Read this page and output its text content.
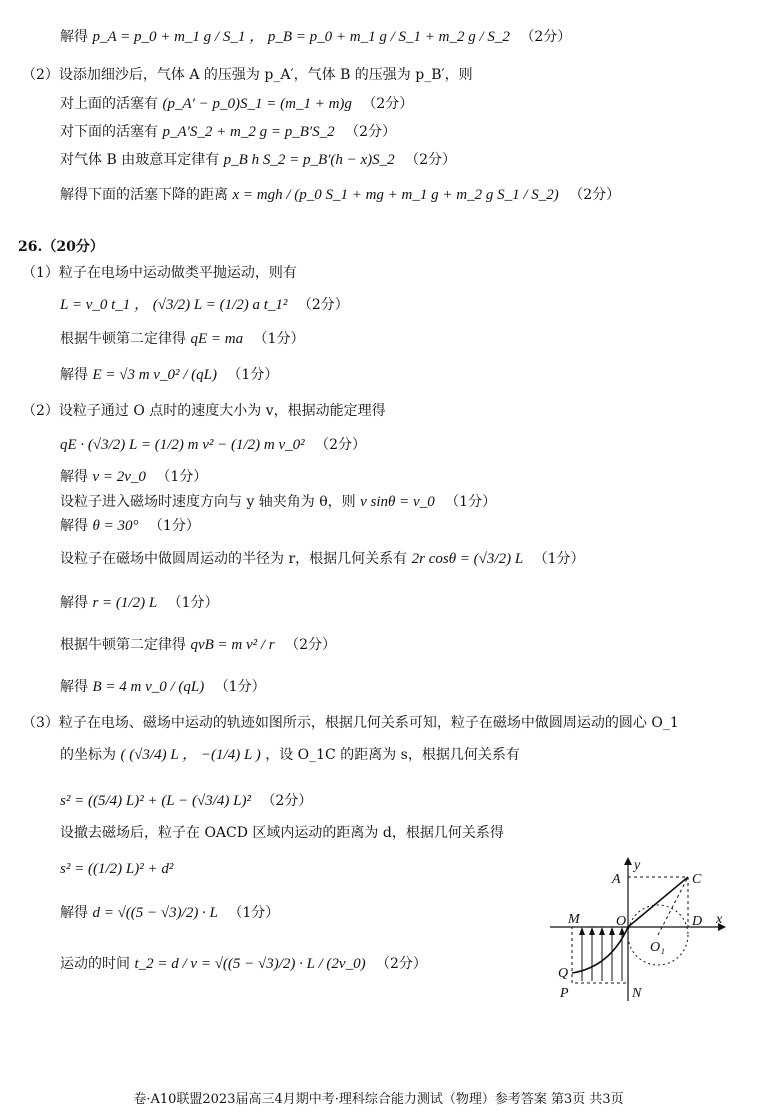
解得 p_A = p_0 + m_1 g / S_1 ， p_B = p_0 + m_1 g / S_1 + m_2 g / S_2 （2分）
（2）设添加细沙后，气体 A 的压强为 p_A′，气体 B 的压强为 p_B′，则
对上面的活塞有 (p_A′ − p_0)S_1 = (m_1 + m)g （2分）
对下面的活塞有 p_A′S_2 + m_2 g = p_B′S_2 （2分）
对气体 B 由玻意耳定律有 p_B h S_2 = p_B′(h − x)S_2 （2分）
解得下面的活塞下降的距离 x = mgh / (p_0 S_1 + mg + m_1 g + m_2 g S_1 / S_2) （2分）
26.（20分）
（1）粒子在电场中运动做类平抛运动，则有
L = v_0 t_1 ， (√3/2) L = (1/2) a t_1² （2分）
根据牛顿第二定律得 qE = ma （1分）
解得 E = √3 m v_0² / (qL) （1分）
（2）设粒子通过 O 点时的速度大小为 v，根据动能定理得
qE · (√3/2) L = (1/2) m v² − (1/2) m v_0² （2分）
解得 v = 2v_0 （1分）
设粒子进入磁场时速度方向与 y 轴夹角为 θ，则 v sinθ = v_0 （1分）
解得 θ = 30° （1分）
设粒子在磁场中做圆周运动的半径为 r，根据几何关系有 2r cosθ = (√3/2) L （1分）
解得 r = (1/2) L （1分）
根据牛顿第二定律得 qvB = m v² / r （2分）
解得 B = 4 m v_0 / (qL) （1分）
（3）粒子在电场、磁场中运动的轨迹如图所示，根据几何关系可知，粒子在磁场中做圆周运动的圆心 O_1
的坐标为 ( (√3/4) L ， −(1/4) L ) ，设 O_1C 的距离为 s，根据几何关系有
s² = ((5/4) L)² + (L − (√3/4) L)² （2分）
设撤去磁场后，粒子在 OACD 区域内运动的距离为 d，根据几何关系得
s² = ((1/2) L)² + d²
解得 d = √((5 − √3)/2) · L （1分）
运动的时间 t_2 = d / v = √((5 − √3)/2) · L / (2v_0) （2分）
y
x
A	C
M	O	D
O₁
Q
P	N
卷·A10联盟2023届高三4月期中考·理科综合能力测试（物理）参考答案 第3页 共3页
